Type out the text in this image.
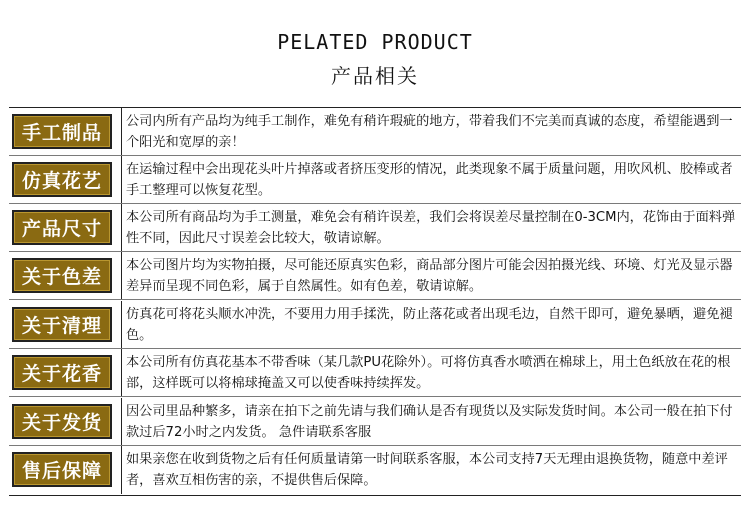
PELATED PRODUCT
产品相关
手工制品
公司内所有产品均为纯手工制作，难免有稍许瑕疵的地方，带着我们不完美而真诚的态度，希望能遇到一个阳光和宽厚的亲！
仿真花艺
在运输过程中会出现花头叶片掉落或者挤压变形的情况，此类现象不属于质量问题，用吹风机、胶棒或者手工整理可以恢复花型。
产品尺寸
本公司所有商品均为手工测量，难免会有稍许误差，我们会将误差尽量控制在0-3CM内，花饰由于面料弹性不同，因此尺寸误差会比较大，敬请谅解。
关于色差
本公司图片均为实物拍摄，尽可能还原真实色彩，商品部分图片可能会因拍摄光线、环境、灯光及显示器差异而呈现不同色彩，属于自然属性。如有色差，敬请谅解。
关于清理
仿真花可将花头顺水冲洗，不要用力用手揉洗，防止落花或者出现毛边，自然干即可，避免暴晒，避免褪色。
关于花香
本公司所有仿真花基本不带香味（某几款PU花除外）。可将仿真香水喷洒在棉球上，用土色纸放在花的根部，这样既可以将棉球掩盖又可以使香味持续挥发。
关于发货
因公司里品种繁多，请亲在拍下之前先请与我们确认是否有现货以及实际发货时间。本公司一般在拍下付款过后72小时之内发货。 急件请联系客服
售后保障
如果亲您在收到货物之后有任何质量请第一时间联系客服，本公司支持7天无理由退换货物，随意中差评者，喜欢互相伤害的亲，不提供售后保障。
